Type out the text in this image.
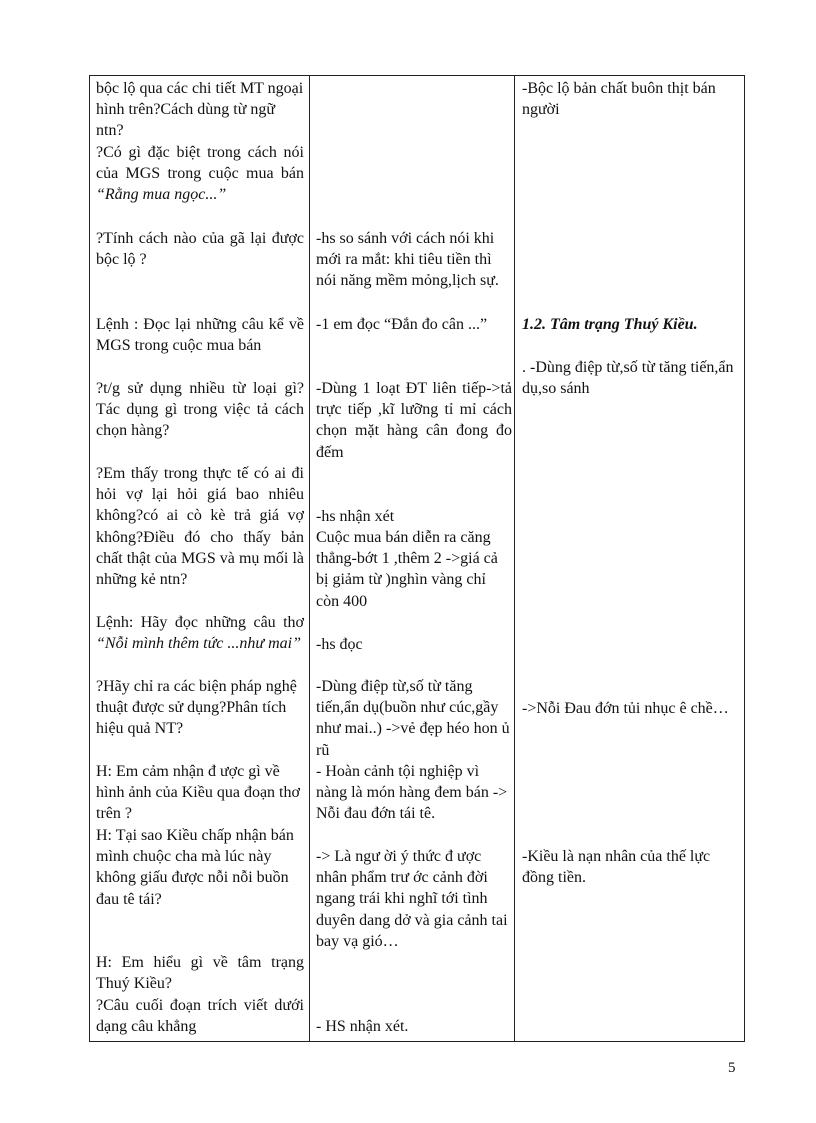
bộc lộ qua các chi tiết MT ngoại hình trên?Cách dùng từ ngữ ntn?

?Có gì đặc biệt trong cách nói của MGS trong cuộc mua bán “Rằng mua ngọc...”

?Tính cách nào của gã lại được bộc lộ ?

Lệnh : Đọc lại những câu kể về MGS trong cuộc mua bán

?t/g sử dụng nhiều từ loại gì?Tác dụng gì trong việc tả cách chọn hàng?

?Em thấy trong thực tế có ai đi hỏi vợ lại hỏi giá bao nhiêu không?có ai cò kè trả giá vợ không?Điều đó cho thấy bản chất thật của MGS và mụ mối là những kẻ ntn?

Lệnh: Hãy đọc những câu thơ “Nỗi mình thêm tức ...như mai”

?Hãy chỉ ra các biện pháp nghệ thuật được sử dụng?Phân tích hiệu quả NT?

H: Em cảm nhận đ ược gì về hình ảnh của Kiều qua đoạn thơ trên ?

H: Tại sao Kiều chấp nhận bán mình chuộc cha mà lúc này không giấu được nỗi nỗi buồn đau tê tái?

H: Em hiểu gì về tâm trạng Thuý Kiều?

?Câu cuối đoạn trích viết dưới dạng câu khẳng

-hs so sánh với cách nói khi mới ra mắt: khi tiêu tiền thì nói năng mềm mỏng,lịch sự.

-1 em đọc “Đắn đo cân ...”

-Dùng 1 loạt ĐT liên tiếp->tả trực tiếp ,kĩ lưỡng tỉ mỉ cách chọn mặt hàng cân đong đo đếm

-hs nhận xét

Cuộc mua bán diễn ra căng thẳng-bớt 1 ,thêm 2 ->giá cả bị giảm từ )nghìn vàng chỉ còn 400

-hs đọc

-Dùng điệp từ,số từ tăng tiến,ẩn dụ(buồn như cúc,gầy như mai..) ->vẻ đẹp héo hon ủ rũ

- Hoàn cảnh tội nghiệp vì nàng là món hàng đem bán -> Nỗi đau đớn tái tê.

-> Là ngư ời ý thức đ ược nhân phẩm trư ớc cảnh đời ngang trái khi nghĩ tới tình duyên dang dở và gia cảnh tai bay vạ gió…

- HS nhận xét.

-Bộc lộ bản chất buôn thịt bán người

1.2. Tâm trạng Thuý Kiều.

. -Dùng điệp từ,số từ tăng tiến,ẩn dụ,so sánh

->Nỗi Đau đớn tủi nhục ê chề…

-Kiều là nạn nhân của thế lực đồng tiền.

5
